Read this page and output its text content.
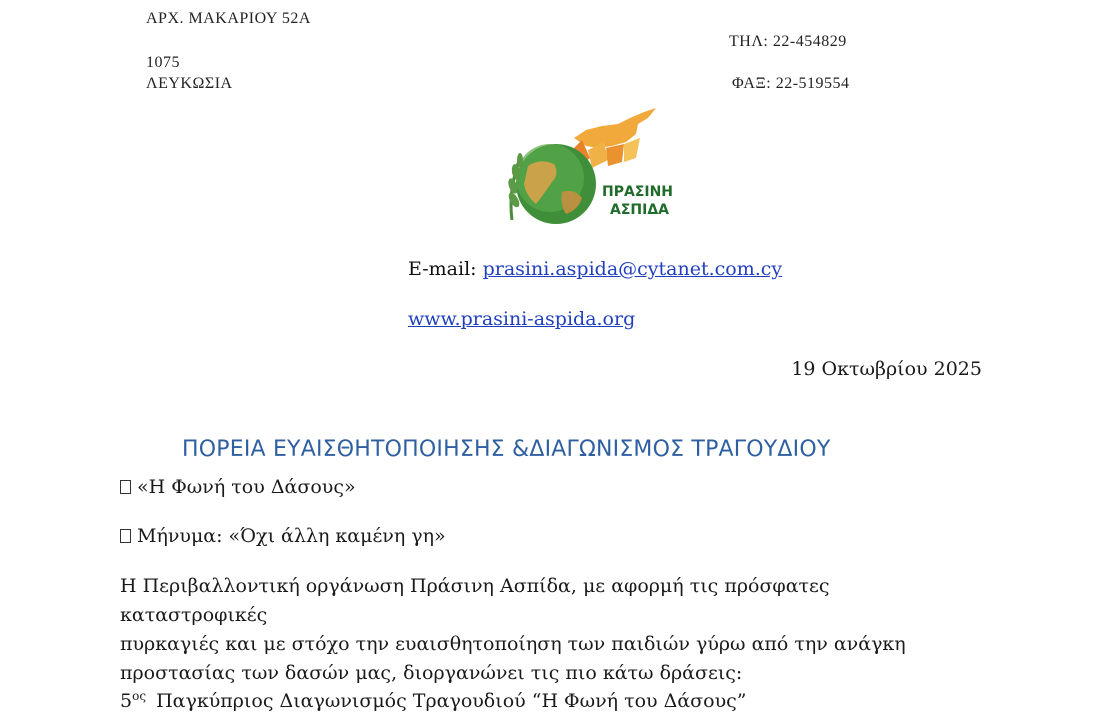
ΑΡΧ. ΜΑΚΑΡΙΟΥ 52Α
ΤΗΛ: 22-454829
1075
ΛΕΥΚΩΣΙΑ	ΦΑΞ: 22-519554
ΠΡΑΣΙΝΗ
ΑΣΠΙΔΑ
E-mail: prasini.aspida@cytanet.com.cy
www.prasini-aspida.org
19 Οκτωβρίου 2025
ΠΟΡΕΙΑ ΕΥΑΙΣΘΗΤΟΠΟΙΗΣΗΣ &ΔΙΑΓΩΝΙΣΜΟΣ ΤΡΑΓΟΥΔΙΟΥ
«Η Φωνή του Δάσους»
Μήνυμα: «Όχι άλλη καμένη γη»
Η Περιβαλλοντική οργάνωση Πράσινη Ασπίδα, με αφορμή τις πρόσφατες καταστροφικές
πυρκαγιές και με στόχο την ευαισθητοποίηση των παιδιών γύρω από την ανάγκη
προστασίας των δασών μας, διοργανώνει τις πιο κάτω δράσεις:
$5^{o\varsigma}$ Παγκύπριος Διαγωνισμός Τραγουδιού “Η Φωνή του Δάσους”
